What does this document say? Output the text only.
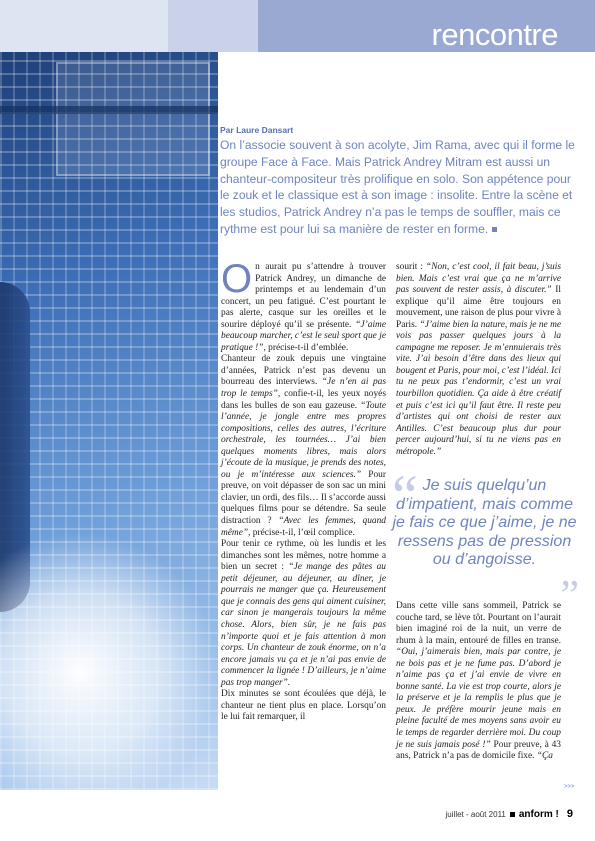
rencontre
Par Laure Dansart

On l’associe souvent à son acolyte, Jim Rama, avec qui il forme le groupe Face à Face. Mais Patrick Andrey Mitram est aussi un chanteur-compositeur très prolifique en solo. Son appétence pour le zouk et le classique est à son image : insolite. Entre la scène et les studios, Patrick Andrey n’a pas le temps de souffler, mais ce rythme est pour lui sa manière de rester en forme.

On aurait pu s’attendre à trouver Patrick Andrey, un dimanche de printemps et au lendemain d’un concert, un peu fatigué. C’est pourtant le pas alerte, casque sur les oreilles et le sourire déployé qu’il se présente. “J’aime beaucoup marcher, c’est le seul sport que je pratique !”, précise-t-il d’emblée.

Chanteur de zouk depuis une vingtaine d’années, Patrick n’est pas devenu un bourreau des interviews. “Je n’en ai pas trop le temps”, confie-t-il, les yeux noyés dans les bulles de son eau gazeuse. “Toute l’année, je jongle entre mes propres compositions, celles des autres, l’écriture orchestrale, les tournées… J’ai bien quelques moments libres, mais alors j’écoute de la musique, je prends des notes, ou je m’intéresse aux sciences.” Pour preuve, on voit dépasser de son sac un mini clavier, un ordi, des fils… Il s’accorde aussi quelques films pour se détendre. Sa seule distraction ? “Avec les femmes, quand même”, précise-t-il, l’œil complice.

Pour tenir ce rythme, où les lundis et les dimanches sont les mêmes, notre homme a bien un secret : “Je mange des pâtes au petit déjeuner, au déjeuner, au dîner, je pourrais ne manger que ça. Heureusement que je connais des gens qui aiment cuisiner, car sinon je mangerais toujours la même chose. Alors, bien sûr, je ne fais pas n’importe quoi et je fais attention à mon corps. Un chanteur de zouk énorme, on n’a encore jamais vu ça et je n’ai pas envie de commencer la lignée ! D’ailleurs, je n’aime pas trop manger”.

Dix minutes se sont écoulées que déjà, le chanteur ne tient plus en place. Lorsqu’on le lui fait remarquer, il

sourit : “Non, c’est cool, il fait beau, j’suis bien. Mais c’est vrai que ça ne m’arrive pas souvent de rester assis, à discuter.” Il explique qu’il aime être toujours en mouvement, une raison de plus pour vivre à Paris. “J’aime bien la nature, mais je ne me vois pas passer quelques jours à la campagne me reposer. Je m’ennuierais très vite. J’ai besoin d’être dans des lieux qui bougent et Paris, pour moi, c’est l’idéal. Ici tu ne peux pas t’endormir, c’est un vrai tourbillon quotidien. Ça aide à être créatif et puis c’est ici qu’il faut être. Il reste peu d’artistes qui ont choisi de rester aux Antilles. C’est beaucoup plus dur pour percer aujourd’hui, si tu ne viens pas en métropole.”

“ Je suis quelqu’un d’impatient, mais comme je fais ce que j’aime, je ne ressens pas de pression ou d’angoisse.

”

Dans cette ville sans sommeil, Patrick se couche tard, se lève tôt. Pourtant on l’aurait bien imaginé roi de la nuit, un verre de rhum à la main, entouré de filles en transe. “Oui, j’aimerais bien, mais par contre, je ne bois pas et je ne fume pas. D’abord je n’aime pas ça et j’ai envie de vivre en bonne santé. La vie est trop courte, alors je la préserve et je la remplis le plus que je peux. Je préfère mourir jeune mais en pleine faculté de mes moyens sans avoir eu le temps de regarder derrière moi. Du coup je ne suis jamais posé !” Pour preuve, à 43 ans, Patrick n’a pas de domicile fixe. “Ça

>>>
juillet - août 2011 anform ! 9
